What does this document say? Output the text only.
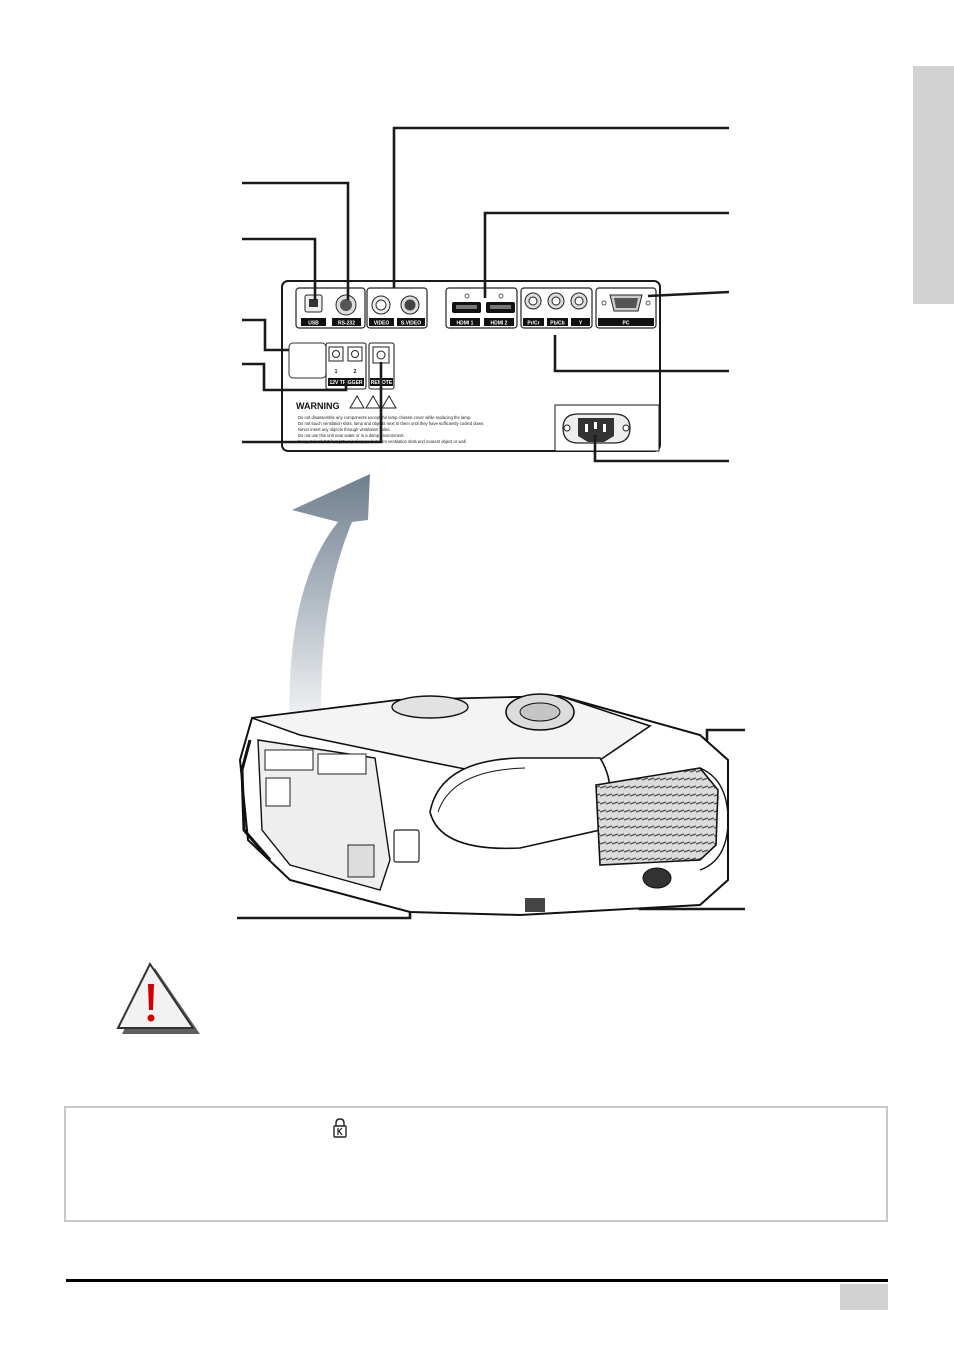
USB	RS-232	VIDEO S.VIDEO	HDMI 1	HDMI 2	Pr/Cr Pb/Cb	Y	PC
1	2
12V TRIGGER REMOTE
WARNING
Do not disassemble any components except the lamp chassis cover while replacing the lamp.
Do not touch ventilation slots, lamp and objects next to them until they have sufficiently cooled down.
Never insert any objects through ventilation holes.
Do not use this unit near water or in a damp environment.
Keep at least 3.3 feet (10 cm) of space between ventilation slots and nearest object or wall.
